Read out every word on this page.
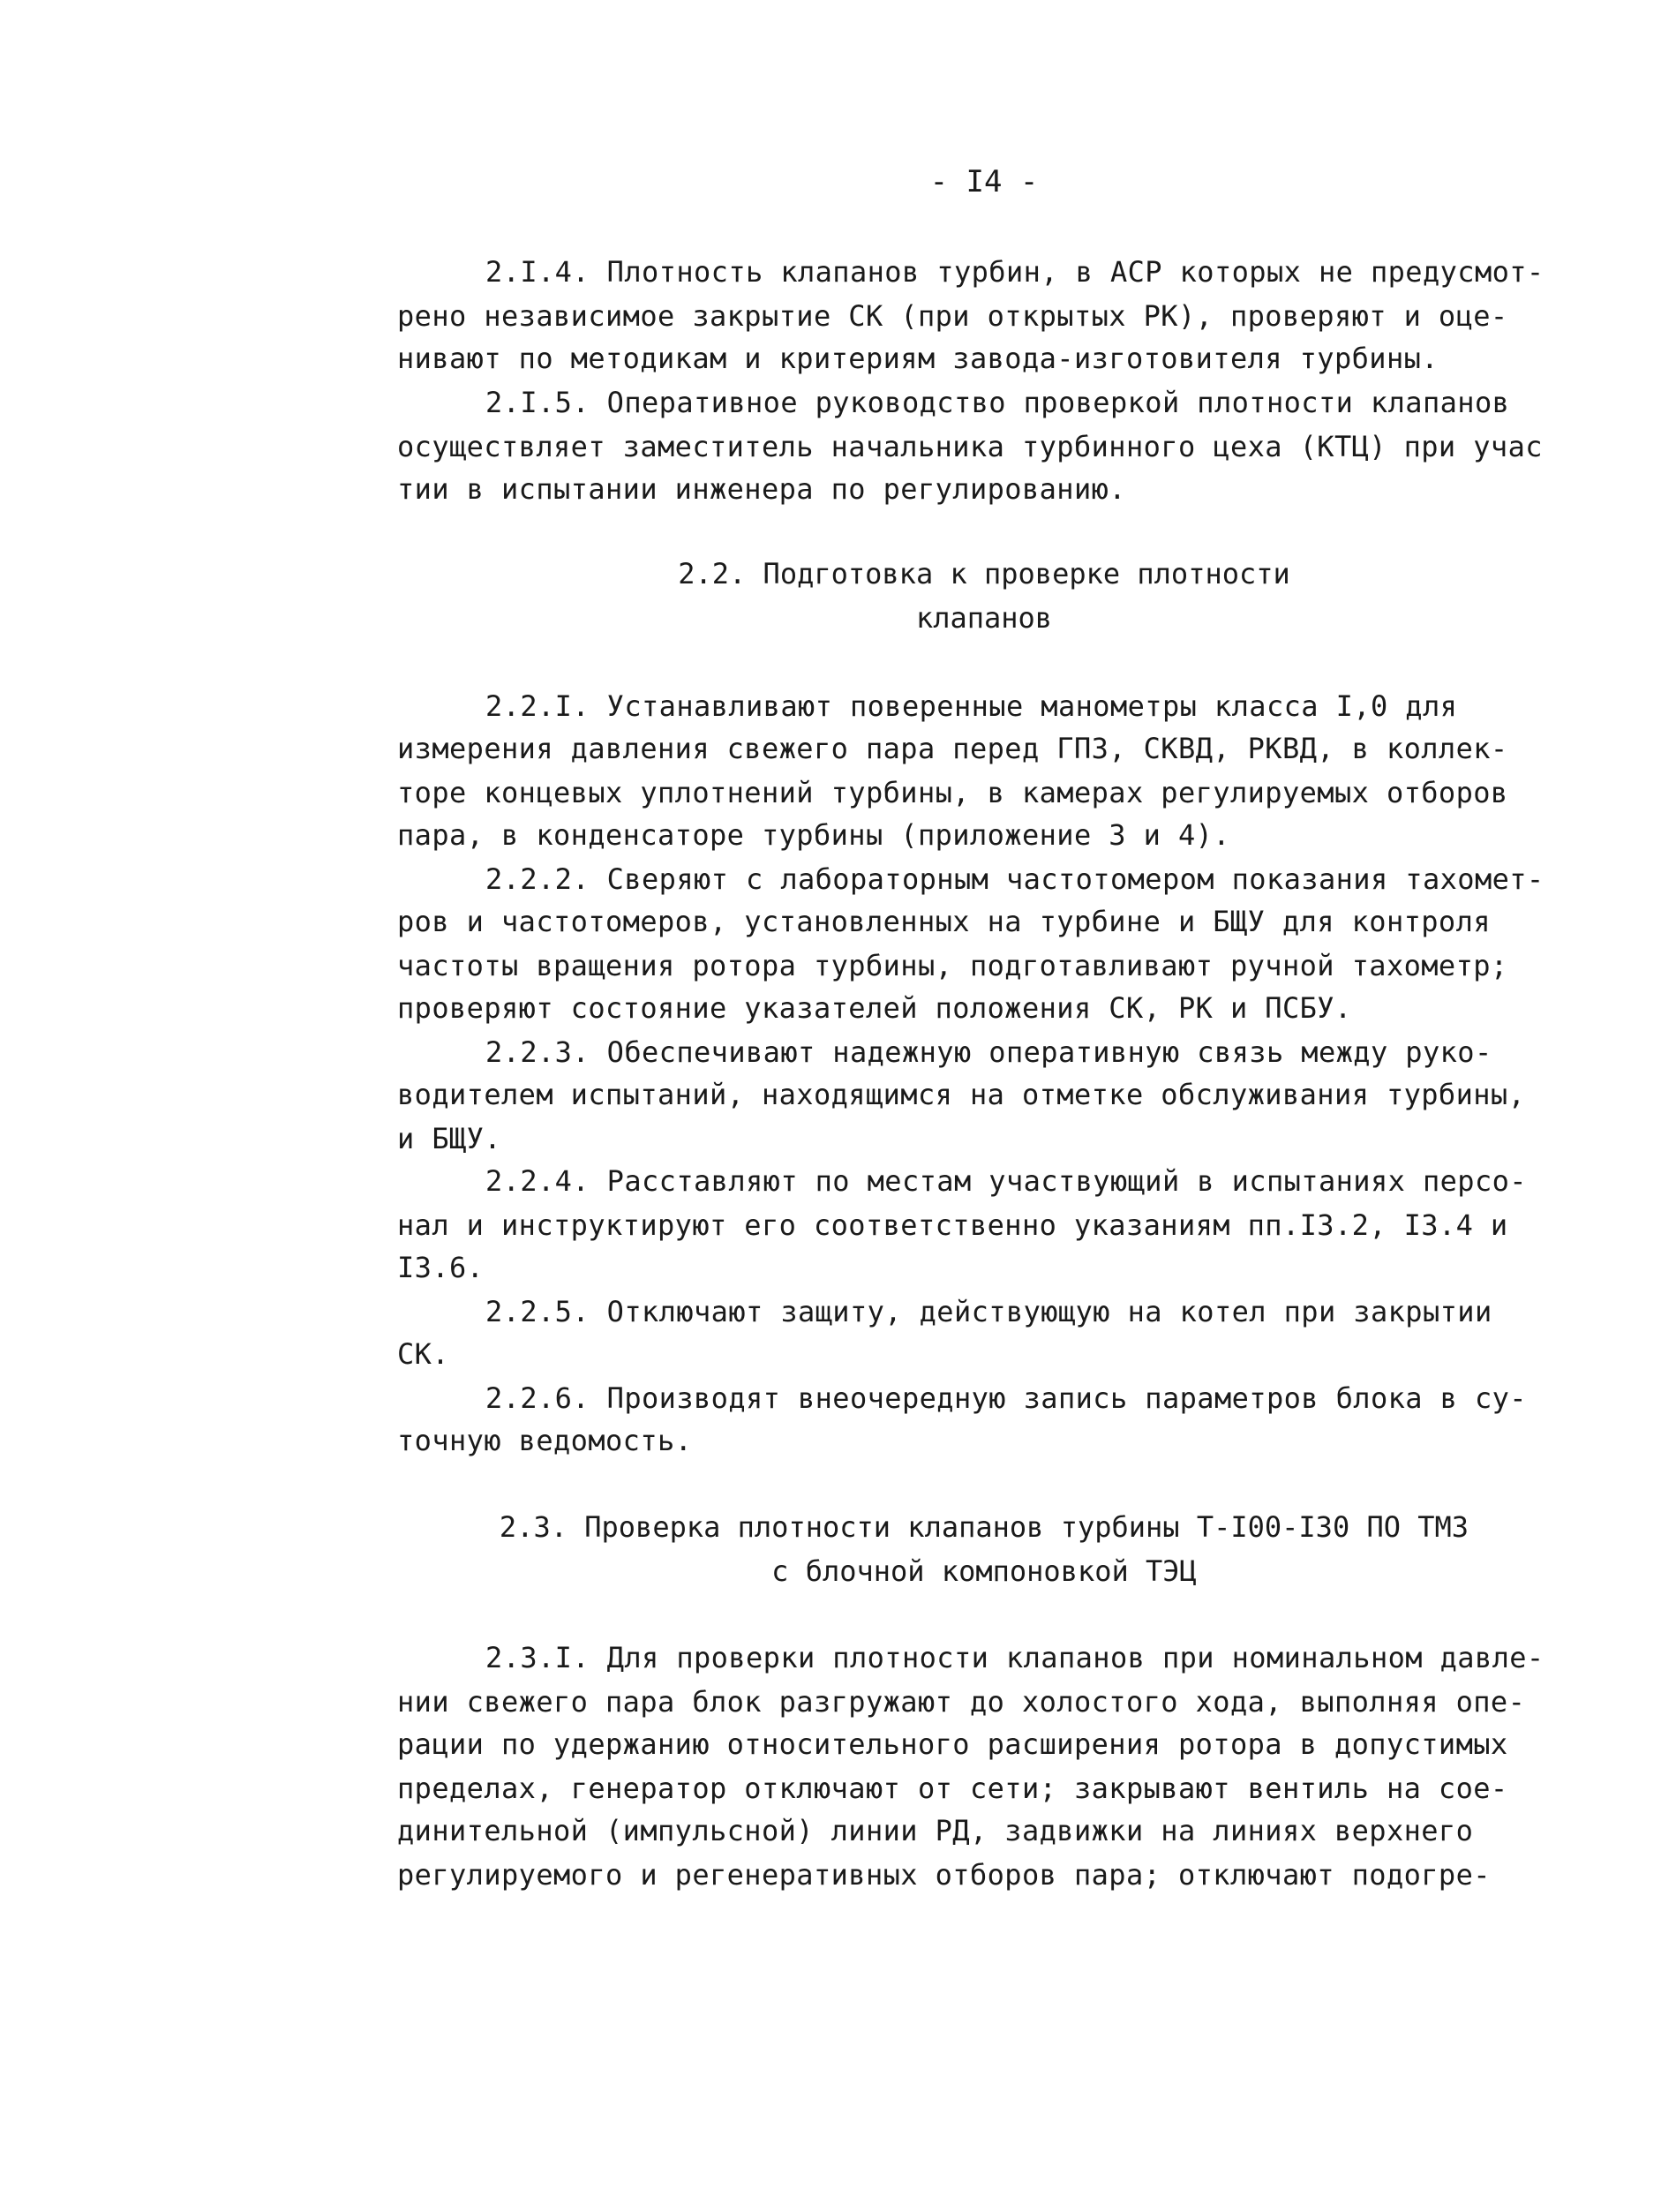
- I4 -
2.I.4. Плотность клапанов турбин, в АСР которых не предусмот-
рено независимое закрытие СК (при открытых РК), проверяют и оце-
нивают по методикам и критериям завода-изготовителя турбины.
2.I.5. Оперативное руководство проверкой плотности клапанов
осуществляет заместитель начальника турбинного цеха (КТЦ) при учас
тии в испытании инженера по регулированию.
2.2. Подготовка к проверке плотности
клапанов
2.2.I. Устанавливают поверенные манометры класса I,0 для
измерения давления свежего пара перед ГПЗ, СКВД, РКВД, в коллек-
торе концевых уплотнений турбины, в камерах регулируемых отборов
пара, в конденсаторе турбины (приложение 3 и 4).
2.2.2. Сверяют с лабораторным частотомером показания тахомет-
ров и частотомеров, установленных на турбине и БЩУ для контроля
частоты вращения ротора турбины, подготавливают ручной тахометр;
проверяют состояние указателей положения СК, РК и ПСБУ.
2.2.3. Обеспечивают надежную оперативную связь между руко-
водителем испытаний, находящимся на отметке обслуживания турбины,
и БЩУ.
2.2.4. Расставляют по местам участвующий в испытаниях персо-
нал и инструктируют его соответственно указаниям пп.I3.2, I3.4 и
I3.6.
2.2.5. Отключают защиту, действующую на котел при закрытии
СК.
2.2.6. Производят внеочередную запись параметров блока в су-
точную ведомость.
2.3. Проверка плотности клапанов турбины Т-I00-I30 ПО ТМЗ
с блочной компоновкой ТЭЦ
2.3.I. Для проверки плотности клапанов при номинальном давле-
нии свежего пара блок разгружают до холостого хода, выполняя опе-
рации по удержанию относительного расширения ротора в допустимых
пределах, генератор отключают от сети; закрывают вентиль на сое-
динительной (импульсной) линии РД, задвижки на линиях верхнего
регулируемого и регенеративных отборов пара; отключают подогре-
